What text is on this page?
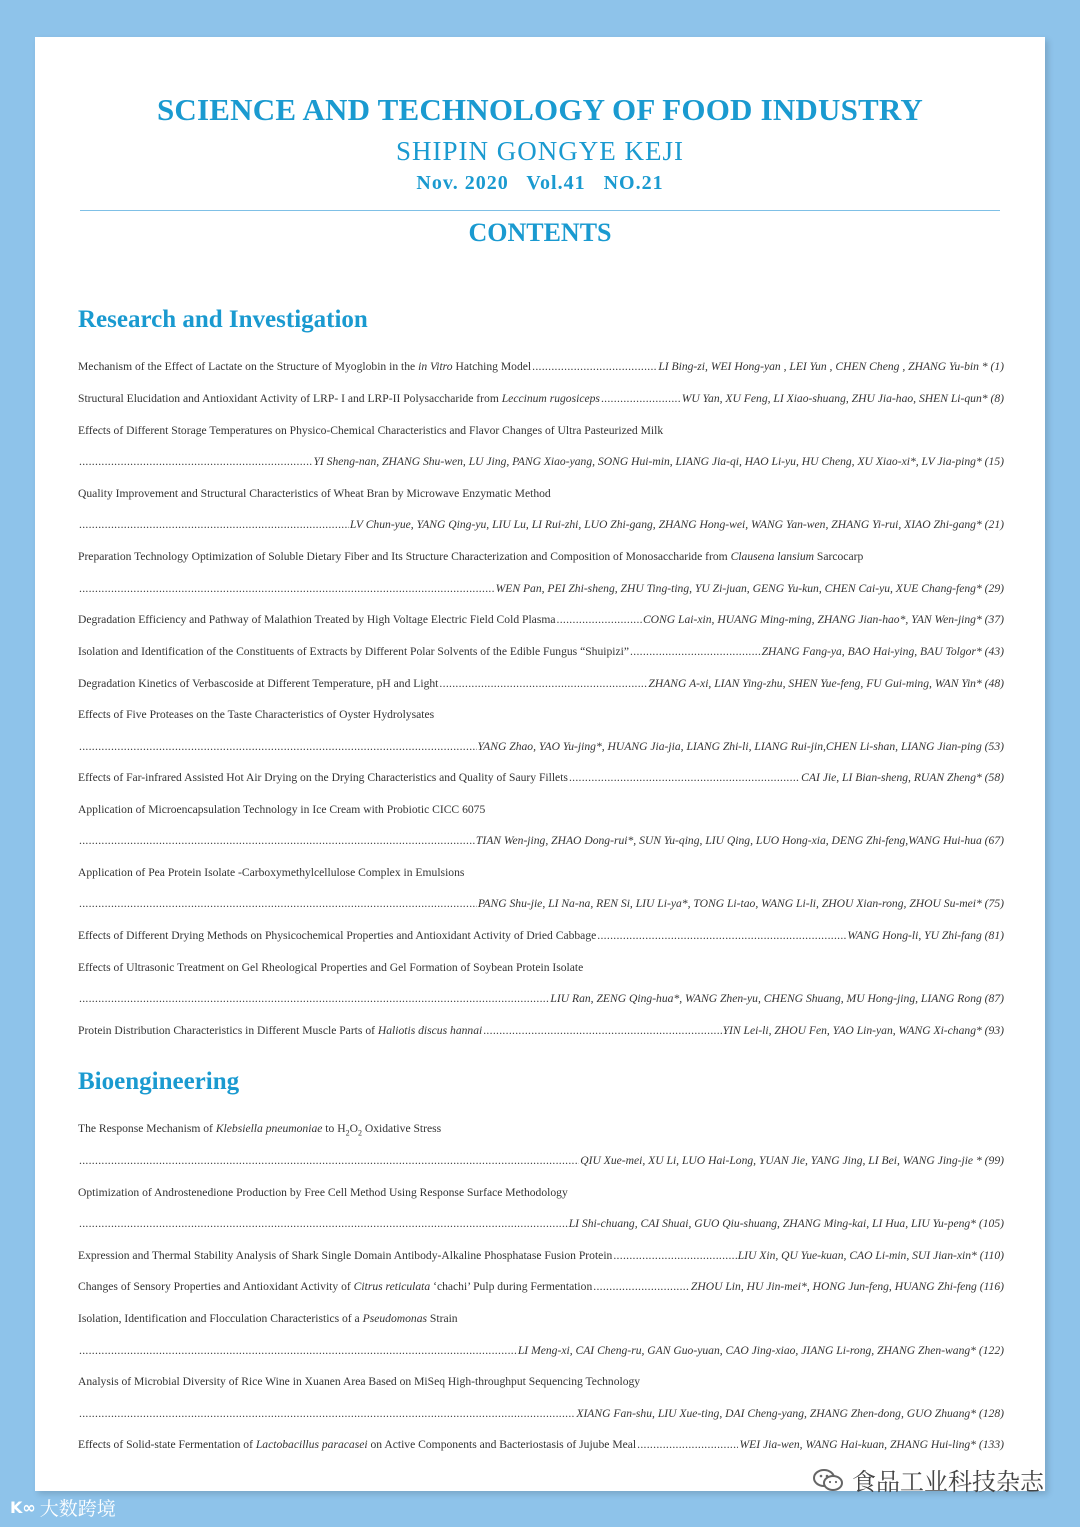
SCIENCE AND TECHNOLOGY OF FOOD INDUSTRY
SHIPIN GONGYE KEJI
Nov. 2020   Vol.41   NO.21
CONTENTS
Research and Investigation
Bioengineering
Mechanism of the Effect of Lactate on the Structure of Myoglobin in the in Vitro Hatching Model .....	LI Bing-zi, WEI Hong-yan , LEI Yun , CHEN Cheng , ZHANG Yu-bin * (1)
Structural Elucidation and Antioxidant Activity of LRP- I and LRP-II Polysaccharide from Leccinum rugosiceps .....	WU Yan, XU Feng, LI Xiao-shuang, ZHU Jia-hao, SHEN Li-qun* (8)
Effects of Different Storage Temperatures on Physico-Chemical Characteristics and Flavor Changes of Ultra Pasteurized Milk
.....
YI Sheng-nan, ZHANG Shu-wen, LU Jing, PANG Xiao-yang, SONG Hui-min, LIANG Jia-qi, HAO Li-yu, HU Cheng, XU Xiao-xi*, LV Jia-ping* (15)
Quality Improvement and Structural Characteristics of Wheat Bran by Microwave Enzymatic Method
.....
LV Chun-yue, YANG Qing-yu, LIU Lu, LI Rui-zhi, LUO Zhi-gang, ZHANG Hong-wei, WANG Yan-wen, ZHANG Yi-rui, XIAO Zhi-gang* (21)
Preparation Technology Optimization of Soluble Dietary Fiber and Its Structure Characterization and Composition of Monosaccharide from Clausena lansium Sarcocarp
.....
WEN Pan, PEI Zhi-sheng, ZHU Ting-ting, YU Zi-juan, GENG Yu-kun, CHEN Cai-yu, XUE Chang-feng* (29)
Degradation Efficiency and Pathway of Malathion Treated by High Voltage Electric Field Cold Plasma .....	CONG Lai-xin, HUANG Ming-ming, ZHANG Jian-hao*, YAN Wen-jing* (37)
Isolation and Identification of the Constituents of Extracts by Different Polar Solvents of the Edible Fungus “Shuipizi” .....	ZHANG Fang-ya, BAO Hai-ying, BAU Tolgor* (43)
Degradation Kinetics of Verbascoside at Different Temperature, pH and Light .....	ZHANG A-xi, LIAN Ying-zhu, SHEN Yue-feng, FU Gui-ming, WAN Yin* (48)
Effects of Five Proteases on the Taste Characteristics of Oyster Hydrolysates
.....
YANG Zhao, YAO Yu-jing*, HUANG Jia-jia, LIANG Zhi-li, LIANG Rui-jin,CHEN Li-shan, LIANG Jian-ping (53)
Effects of Far-infrared Assisted Hot Air Drying on the Drying Characteristics and Quality of Saury Fillets .....	CAI Jie, LI Bian-sheng, RUAN Zheng* (58)
Application of Microencapsulation Technology in Ice Cream with Probiotic CICC 6075
.....
TIAN Wen-jing, ZHAO Dong-rui*, SUN Yu-qing, LIU Qing, LUO Hong-xia, DENG Zhi-feng,WANG Hui-hua (67)
Application of Pea Protein Isolate -Carboxymethylcellulose Complex in Emulsions
.....
PANG Shu-jie, LI Na-na, REN Si, LIU Li-ya*, TONG Li-tao, WANG Li-li, ZHOU Xian-rong, ZHOU Su-mei* (75)
Effects of Different Drying Methods on Physicochemical Properties and Antioxidant Activity of Dried Cabbage .....	WANG Hong-li, YU Zhi-fang (81)
Effects of Ultrasonic Treatment on Gel Rheological Properties and Gel Formation of Soybean Protein Isolate
.....
LIU Ran, ZENG Qing-hua*, WANG Zhen-yu, CHENG Shuang, MU Hong-jing, LIANG Rong (87)
Protein Distribution Characteristics in Different Muscle Parts of Haliotis discus hannai .....	YIN Lei-li, ZHOU Fen, YAO Lin-yan, WANG Xi-chang* (93)
The Response Mechanism of Klebsiella pneumoniae to $H_2O_2$ Oxidative Stress
.....
QIU Xue-mei, XU Li, LUO Hai-Long, YUAN Jie, YANG Jing, LI Bei, WANG Jing-jie * (99)
Optimization of Androstenedione Production by Free Cell Method Using Response Surface Methodology
.....
LI Shi-chuang, CAI Shuai, GUO Qiu-shuang, ZHANG Ming-kai, LI Hua, LIU Yu-peng* (105)
Expression and Thermal Stability Analysis of Shark Single Domain Antibody-Alkaline Phosphatase Fusion Protein .....	LIU Xin, QU Yue-kuan, CAO Li-min, SUI Jian-xin* (110)
Changes of Sensory Properties and Antioxidant Activity of Citrus reticulata ‘chachi’ Pulp during Fermentation .....	ZHOU Lin, HU Jin-mei*, HONG Jun-feng, HUANG Zhi-feng (116)
Isolation, Identification and Flocculation Characteristics of a Pseudomonas Strain
.....
LI Meng-xi, CAI Cheng-ru, GAN Guo-yuan, CAO Jing-xiao, JIANG Li-rong, ZHANG Zhen-wang* (122)
Analysis of Microbial Diversity of Rice Wine in Xuanen Area Based on MiSeq High-throughput Sequencing Technology
.....
XIANG Fan-shu, LIU Xue-ting, DAI Cheng-yang, ZHANG Zhen-dong, GUO Zhuang* (128)
Effects of Solid-state Fermentation of Lactobacillus paracasei on Active Components and Bacteriostasis of Jujube Meal .....	WEI Jia-wen, WANG Hai-kuan, ZHANG Hui-ling* (133)
食品工业科技杂志
K∞ 大数跨境
